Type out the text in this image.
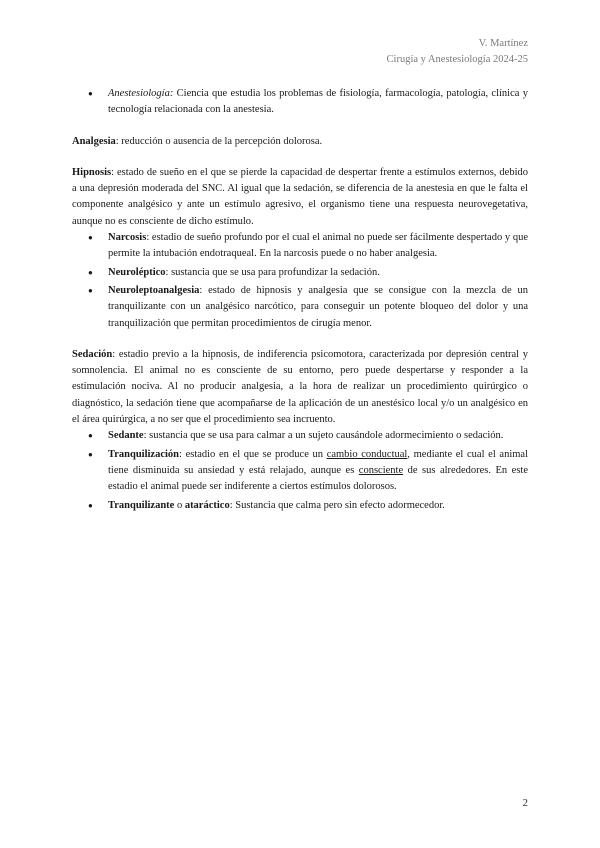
V. Martínez
Cirugía y Anestesiología 2024-25
● Anestesiología: Ciencia que estudia los problemas de fisiología, farmacología, patología, clínica y tecnología relacionada con la anestesia.

Analgesia: reducción o ausencia de la percepción dolorosa.

Hipnosis: estado de sueño en el que se pierde la capacidad de despertar frente a estímulos externos, debido a una depresión moderada del SNC. Al igual que la sedación, se diferencia de la anestesia en que le falta el componente analgésico y ante un estímulo agresivo, el organismo tiene una respuesta neurovegetativa, aunque no es consciente de dicho estímulo.

● Narcosis: estadio de sueño profundo por el cual el animal no puede ser fácilmente despertado y que permite la intubación endotraqueal. En la narcosis puede o no haber analgesia.
● Neuroléptico: sustancia que se usa para profundizar la sedación.
● Neuroleptoanalgesia: estado de hipnosis y analgesia que se consigue con la mezcla de un tranquilizante con un analgésico narcótico, para conseguir un potente bloqueo del dolor y una tranquilización que permitan procedimientos de cirugía menor.

Sedación: estadio previo a la hipnosis, de indiferencia psicomotora, caracterizada por depresión central y somnolencia. El animal no es consciente de su entorno, pero puede despertarse y responder a la estimulación nociva. Al no producir analgesia, a la hora de realizar un procedimiento quirúrgico o diagnóstico, la sedación tiene que acompañarse de la aplicación de un anestésico local y/o un analgésico en el área quirúrgica, a no ser que el procedimiento sea incruento.

● Sedante: sustancia que se usa para calmar a un sujeto causándole adormecimiento o sedación.
● Tranquilización: estadio en el que se produce un cambio conductual, mediante el cual el animal tiene disminuida su ansiedad y está relajado, aunque es consciente de sus alrededores. En este estadio el animal puede ser indiferente a ciertos estímulos dolorosos.
● Tranquilizante o ataráctico: Sustancia que calma pero sin efecto adormecedor.
2
